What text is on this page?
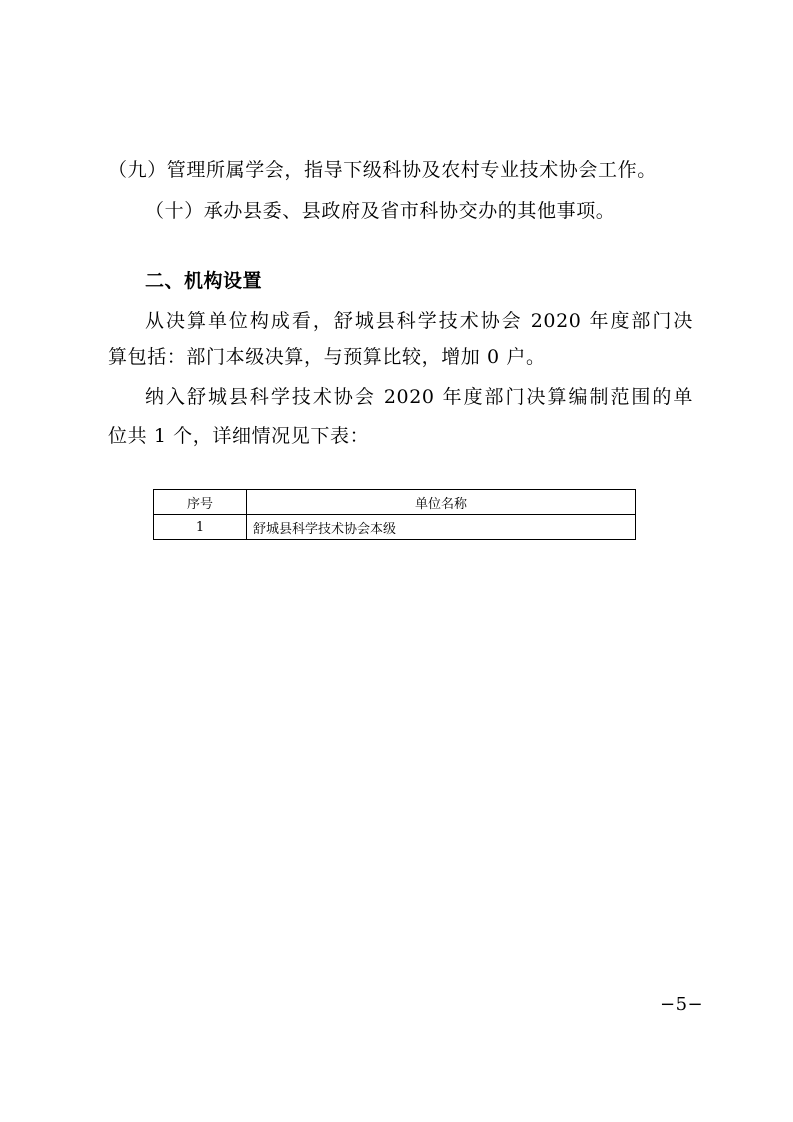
（九）管理所属学会，指导下级科协及农村专业技术协会工作。
（十）承办县委、县政府及省市科协交办的其他事项。
二、机构设置
从决算单位构成看，舒城县科学技术协会 2020 年度部门决
算包括：部门本级决算，与预算比较，增加 0 户。
纳入舒城县科学技术协会 2020 年度部门决算编制范围的单
位共 1 个，详细情况见下表：
序号	单位名称
1	舒城县科学技术协会本级
−5−
